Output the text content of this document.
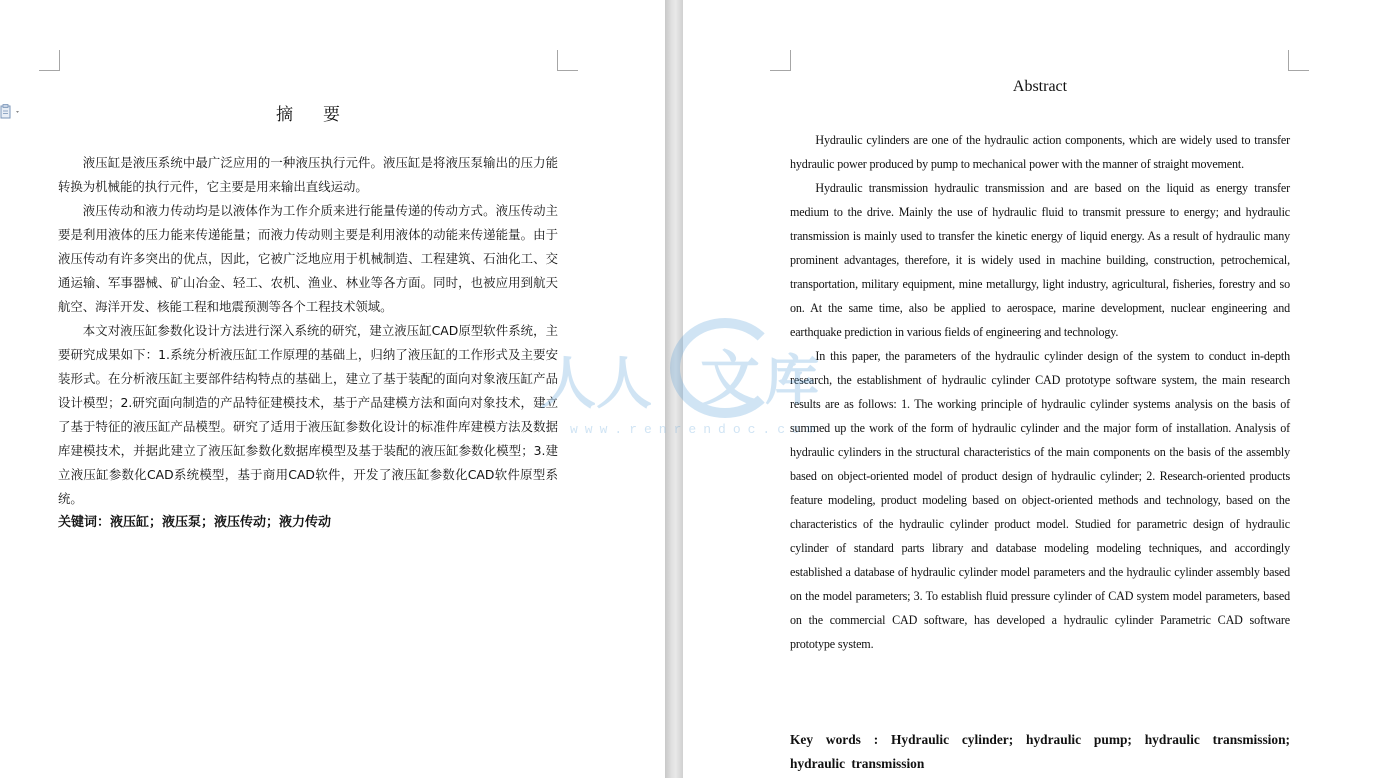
摘要

液压缸是液压系统中最广泛应用的一种液压执行元件。液压缸是将液压泵输出的压力能转换为机械能的执行元件，它主要是用来输出直线运动。

液压传动和液力传动均是以液体作为工作介质来进行能量传递的传动方式。液压传动主要是利用液体的压力能来传递能量；而液力传动则主要是利用液体的动能来传递能量。由于液压传动有许多突出的优点，因此，它被广泛地应用于机械制造、工程建筑、石油化工、交通运输、军事器械、矿山冶金、轻工、农机、渔业、林业等各方面。同时，也被应用到航天航空、海洋开发、核能工程和地震预测等各个工程技术领域。

本文对液压缸参数化设计方法进行深入系统的研究，建立液压缸CAD原型软件系统，主要研究成果如下：1.系统分析液压缸工作原理的基础上，归纳了液压缸的工作形式及主要安装形式。在分析液压缸主要部件结构特点的基础上，建立了基于装配的面向对象液压缸产品设计模型；2.研究面向制造的产品特征建模技术，基于产品建模方法和面向对象技术，建立了基于特征的液压缸产品模型。研究了适用于液压缸参数化设计的标准件库建模方法及数据库建模技术，并据此建立了液压缸参数化数据库模型及基于装配的液压缸参数化模型；3.建立液压缸参数化CAD系统模型，基于商用CAD软件，开发了液压缸参数化CAD软件原型系统。

关键词：液压缸；液压泵；液压传动；液力传动
Abstract

Hydraulic cylinders are one of the hydraulic action components, which are widely used to transfer hydraulic power produced by pump to mechanical power with the manner of straight movement.

Hydraulic transmission hydraulic transmission and are based on the liquid as energy transfer medium to the drive. Mainly the use of hydraulic fluid to transmit pressure to energy; and hydraulic transmission is mainly used to transfer the kinetic energy of liquid energy. As a result of hydraulic many prominent advantages, therefore, it is widely used in machine building, construction, petrochemical, transportation, military equipment, mine metallurgy, light industry, agricultural, fisheries, forestry and so on. At the same time, also be applied to aerospace, marine development, nuclear engineering and earthquake prediction in various fields of engineering and technology.

In this paper, the parameters of the hydraulic cylinder design of the system to conduct in-depth research, the establishment of hydraulic cylinder CAD prototype software system, the main research results are as follows: 1. The working principle of hydraulic cylinder systems analysis on the basis of summed up the work of the form of hydraulic cylinder and the major form of installation. Analysis of hydraulic cylinders in the structural characteristics of the main components on the basis of the assembly based on object-oriented model of product design of hydraulic cylinder; 2. Research-oriented products feature modeling, product modeling based on object-oriented methods and technology, based on the characteristics of the hydraulic cylinder product model. Studied for parametric design of hydraulic cylinder of standard parts library and database modeling modeling techniques, and accordingly established a database of hydraulic cylinder model parameters and the hydraulic cylinder assembly based on the model parameters; 3. To establish fluid pressure cylinder of CAD system model parameters, based on the commercial CAD software, has developed a hydraulic cylinder Parametric CAD software prototype system.

Key words : Hydraulic cylinder; hydraulic pump; hydraulic transmission; hydraulic transmission
人 人 文 库
www.renrendoc.com
